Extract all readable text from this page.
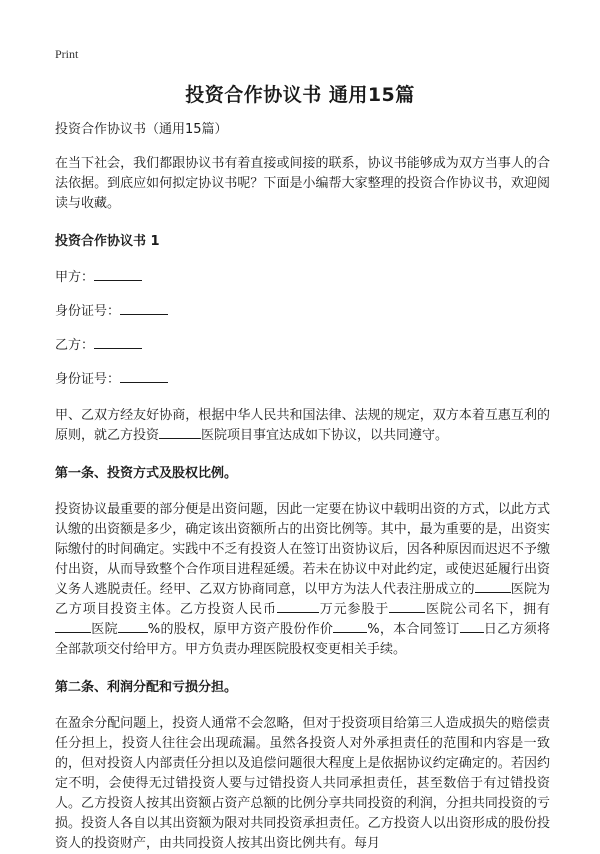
Print
投资合作协议书 通用15篇

投资合作协议书（通用15篇）

在当下社会，我们都跟协议书有着直接或间接的联系，协议书能够成为双方当事人的合法依据。到底应如何拟定协议书呢？下面是小编帮大家整理的投资合作协议书，欢迎阅读与收藏。

投资合作协议书 1

甲方：

身份证号：

乙方：

身份证号：

甲、乙双方经友好协商，根据中华人民共和国法律、法规的规定，双方本着互惠互利的原则，就乙方投资	医院项目事宜达成如下协议，以共同遵守。

第一条、投资方式及股权比例。

投资协议最重要的部分便是出资问题，因此一定要在协议中载明出资的方式，以此方式认缴的出资额是多少，确定该出资额所占的出资比例等。其中，最为重要的是，出资实际缴付的时间确定。实践中不乏有投资人在签订出资协议后，因各种原因而迟迟不予缴付出资，从而导致整个合作项目进程延缓。若未在协议中对此约定，或使迟延履行出资义务人逃脱责任。经甲、乙双方协商同意，以甲方为法人代表注册成立的	医院为乙方项目投资主体。乙方投资人民币	万元参股于	医院公司名下，拥有医院 %的股权，原甲方资产股份作价	%，本合同签订 日乙方须将全部款项交付给甲方。甲方负责办理医院股权变更相关手续。

第二条、利润分配和亏损分担。

在盈余分配问题上，投资人通常不会忽略，但对于投资项目给第三人造成损失的赔偿责任分担上，投资人往往会出现疏漏。虽然各投资人对外承担责任的范围和内容是一致的，但对投资人内部责任分担以及追偿问题很大程度上是依据协议约定确定的。若因约定不明，会使得无过错投资人要与过错投资人共同承担责任，甚至数倍于有过错投资人。乙方投资人按其出资额占资产总额的比例分享共同投资的利润，分担共同投资的亏损。投资人各自以其出资额为限对共同投资承担责任。乙方投资人以出资形成的股份投资人的投资财产，由共同投资人按其出资比例共有。每月
